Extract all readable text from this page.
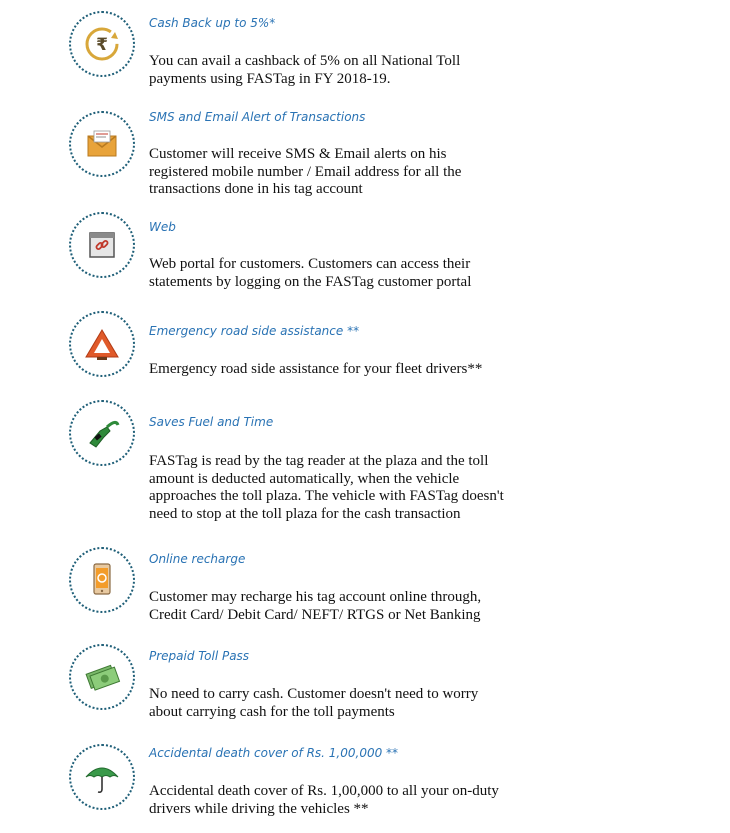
₹

Cash Back up to 5%*

You can avail a cashback of 5% on all National Toll
payments using FASTag in FY 2018-19.

SMS and Email Alert of Transactions

Customer will receive SMS & Email alerts on his
registered mobile number / Email address for all the
transactions done in his tag account

Web

Web portal for customers. Customers can access their
statements by logging on the FASTag customer portal

Emergency road side assistance **

Emergency road side assistance for your fleet drivers**

Saves Fuel and Time

FASTag is read by the tag reader at the plaza and the toll
amount is deducted automatically, when the vehicle
approaches the toll plaza. The vehicle with FASTag doesn't
need to stop at the toll plaza for the cash transaction

Online recharge

Customer may recharge his tag account online through,
Credit Card/ Debit Card/ NEFT/ RTGS or Net Banking

Prepaid Toll Pass

No need to carry cash. Customer doesn't need to worry
about carrying cash for the toll payments

Accidental death cover of Rs. 1,00,000 **

Accidental death cover of Rs. 1,00,000 to all your on-duty
drivers while driving the vehicles **
